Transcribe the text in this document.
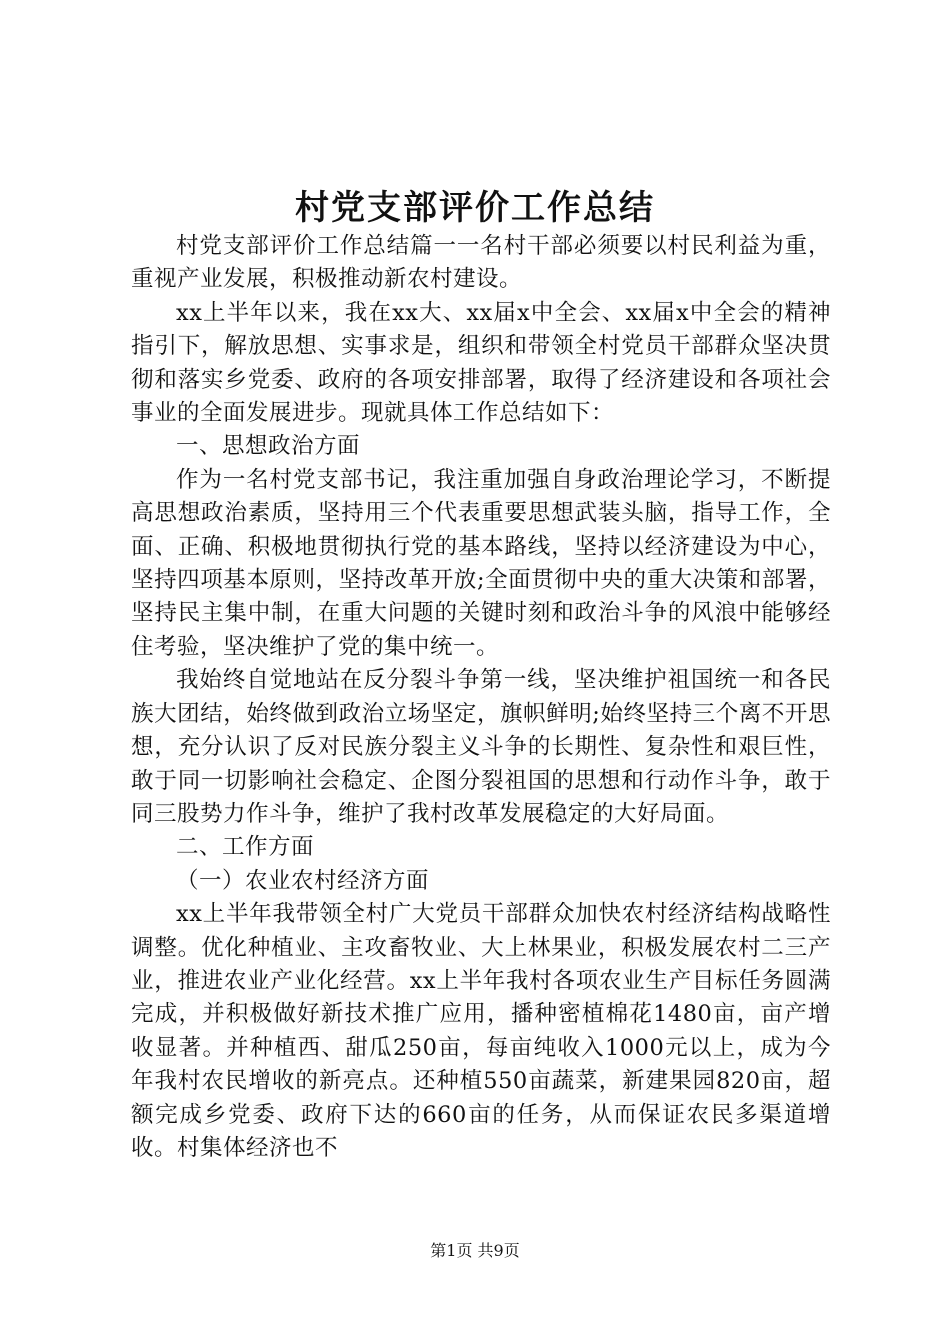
村党支部评价工作总结

村党支部评价工作总结篇一一名村干部必须要以村民利益为重，重视产业发展，积极推动新农村建设。

xx上半年以来，我在xx大、xx届x中全会、xx届x中全会的精神指引下，解放思想、实事求是，组织和带领全村党员干部群众坚决贯彻和落实乡党委、政府的各项安排部署，取得了经济建设和各项社会事业的全面发展进步。现就具体工作总结如下：

一、思想政治方面

作为一名村党支部书记，我注重加强自身政治理论学习，不断提高思想政治素质，坚持用三个代表重要思想武装头脑，指导工作，全面、正确、积极地贯彻执行党的基本路线，坚持以经济建设为中心，坚持四项基本原则，坚持改革开放;全面贯彻中央的重大决策和部署，坚持民主集中制，在重大问题的关键时刻和政治斗争的风浪中能够经住考验，坚决维护了党的集中统一。

我始终自觉地站在反分裂斗争第一线，坚决维护祖国统一和各民族大团结，始终做到政治立场坚定，旗帜鲜明;始终坚持三个离不开思想，充分认识了反对民族分裂主义斗争的长期性、复杂性和艰巨性，敢于同一切影响社会稳定、企图分裂祖国的思想和行动作斗争，敢于同三股势力作斗争，维护了我村改革发展稳定的大好局面。

二、工作方面

（一）农业农村经济方面

xx上半年我带领全村广大党员干部群众加快农村经济结构战略性调整。优化种植业、主攻畜牧业、大上林果业，积极发展农村二三产业，推进农业产业化经营。xx上半年我村各项农业生产目标任务圆满完成，并积极做好新技术推广应用，播种密植棉花1480亩，亩产增收显著。并种植西、甜瓜250亩，每亩纯收入1000元以上，成为今年我村农民增收的新亮点。还种植550亩蔬菜，新建果园820亩，超额完成乡党委、政府下达的660亩的任务，从而保证农民多渠道增收。村集体经济也不

第1页 共9页
